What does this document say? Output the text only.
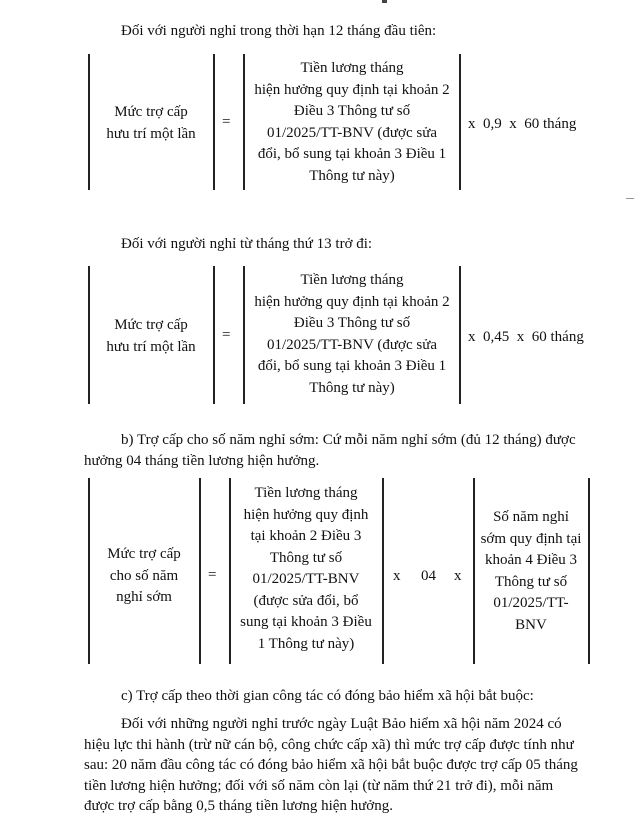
Đối với người nghỉ trong thời hạn 12 tháng đầu tiên:
Mức trợ cấp
hưu trí một lần
=
Tiền lương tháng
hiện hưởng quy định tại khoản 2
Điều 3 Thông tư số
01/2025/TT-BNV (được sửa
đổi, bổ sung tại khoản 3 Điều 1
Thông tư này)
x  0,9  x  60 tháng
Đối với người nghỉ từ tháng thứ 13 trở đi:
Mức trợ cấp
hưu trí một lần
=
Tiền lương tháng
hiện hưởng quy định tại khoản 2
Điều 3 Thông tư số
01/2025/TT-BNV (được sửa
đổi, bổ sung tại khoản 3 Điều 1
Thông tư này)
x  0,45  x  60 tháng
b) Trợ cấp cho số năm nghỉ sớm: Cứ mỗi năm nghỉ sớm (đủ 12 tháng) được
hưởng 04 tháng tiền lương hiện hưởng.
Mức trợ cấp
cho số năm
nghỉ sớm
=
Tiền lương tháng
hiện hưởng quy định
tại khoản 2 Điều 3
Thông tư số
01/2025/TT-BNV
(được sửa đổi, bổ
sung tại khoản 3 Điều
1 Thông tư này)
x 04 x
Số năm nghỉ
sớm quy định tại
khoản 4 Điều 3
Thông tư số
01/2025/TT-
BNV
c) Trợ cấp theo thời gian công tác có đóng bảo hiểm xã hội bắt buộc:
Đối với những người nghỉ trước ngày Luật Bảo hiểm xã hội năm 2024 có
hiệu lực thi hành (trừ nữ cán bộ, công chức cấp xã) thì mức trợ cấp được tính như
sau: 20 năm đầu công tác có đóng bảo hiểm xã hội bắt buộc được trợ cấp 05 tháng
tiền lương hiện hưởng; đối với số năm còn lại (từ năm thứ 21 trở đi), mỗi năm
được trợ cấp bằng 0,5 tháng tiền lương hiện hưởng.
